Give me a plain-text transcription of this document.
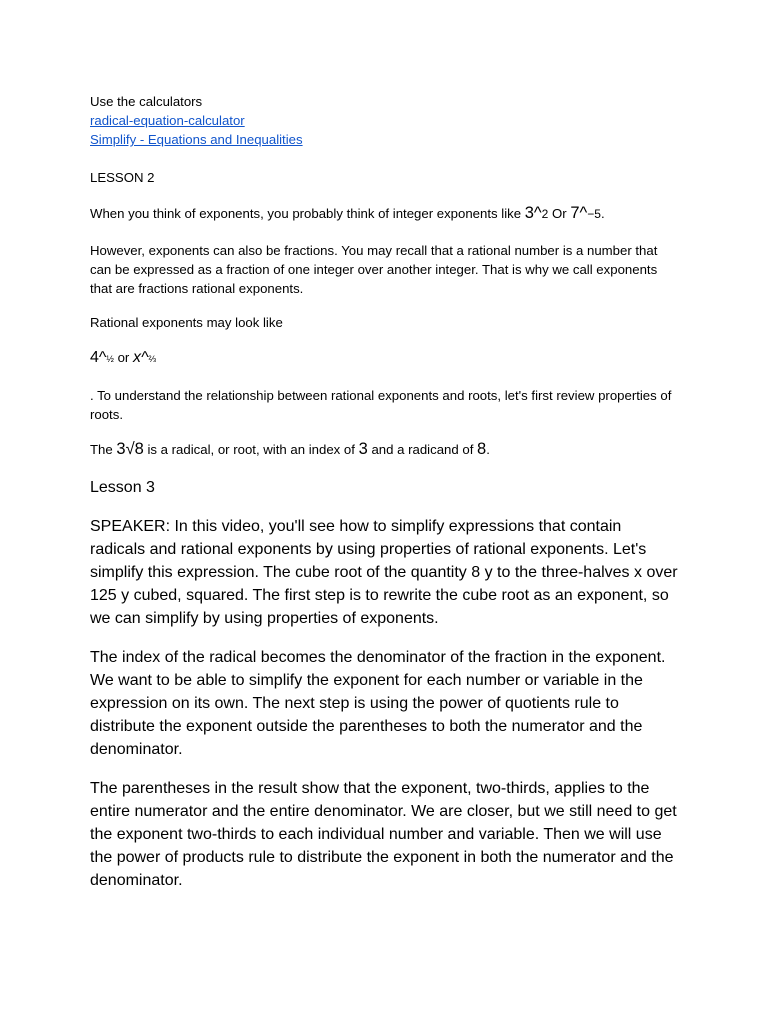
Use the calculators
radical-equation-calculator
Simplify - Equations and Inequalities
LESSON 2

When you think of exponents, you probably think of integer exponents like 3^2 Or 7^−5.

However, exponents can also be fractions. You may recall that a rational number is a number that can be expressed as a fraction of one integer over another integer. That is why we call exponents that are fractions rational exponents.

Rational exponents may look like

4^½ or x^⅔

. To understand the relationship between rational exponents and roots, let's first review properties of roots.

The 3√8 is a radical, or root, with an index of 3 and a radicand of 8.

Lesson 3

SPEAKER: In this video, you'll see how to simplify expressions that contain radicals and rational exponents by using properties of rational exponents. Let's simplify this expression. The cube root of the quantity 8 y to the three-halves x over 125 y cubed, squared. The first step is to rewrite the cube root as an exponent, so we can simplify by using properties of exponents.

The index of the radical becomes the denominator of the fraction in the exponent. We want to be able to simplify the exponent for each number or variable in the expression on its own. The next step is using the power of quotients rule to distribute the exponent outside the parentheses to both the numerator and the denominator.

The parentheses in the result show that the exponent, two-thirds, applies to the entire numerator and the entire denominator. We are closer, but we still need to get the exponent two-thirds to each individual number and variable. Then we will use the power of products rule to distribute the exponent in both the numerator and the denominator.
